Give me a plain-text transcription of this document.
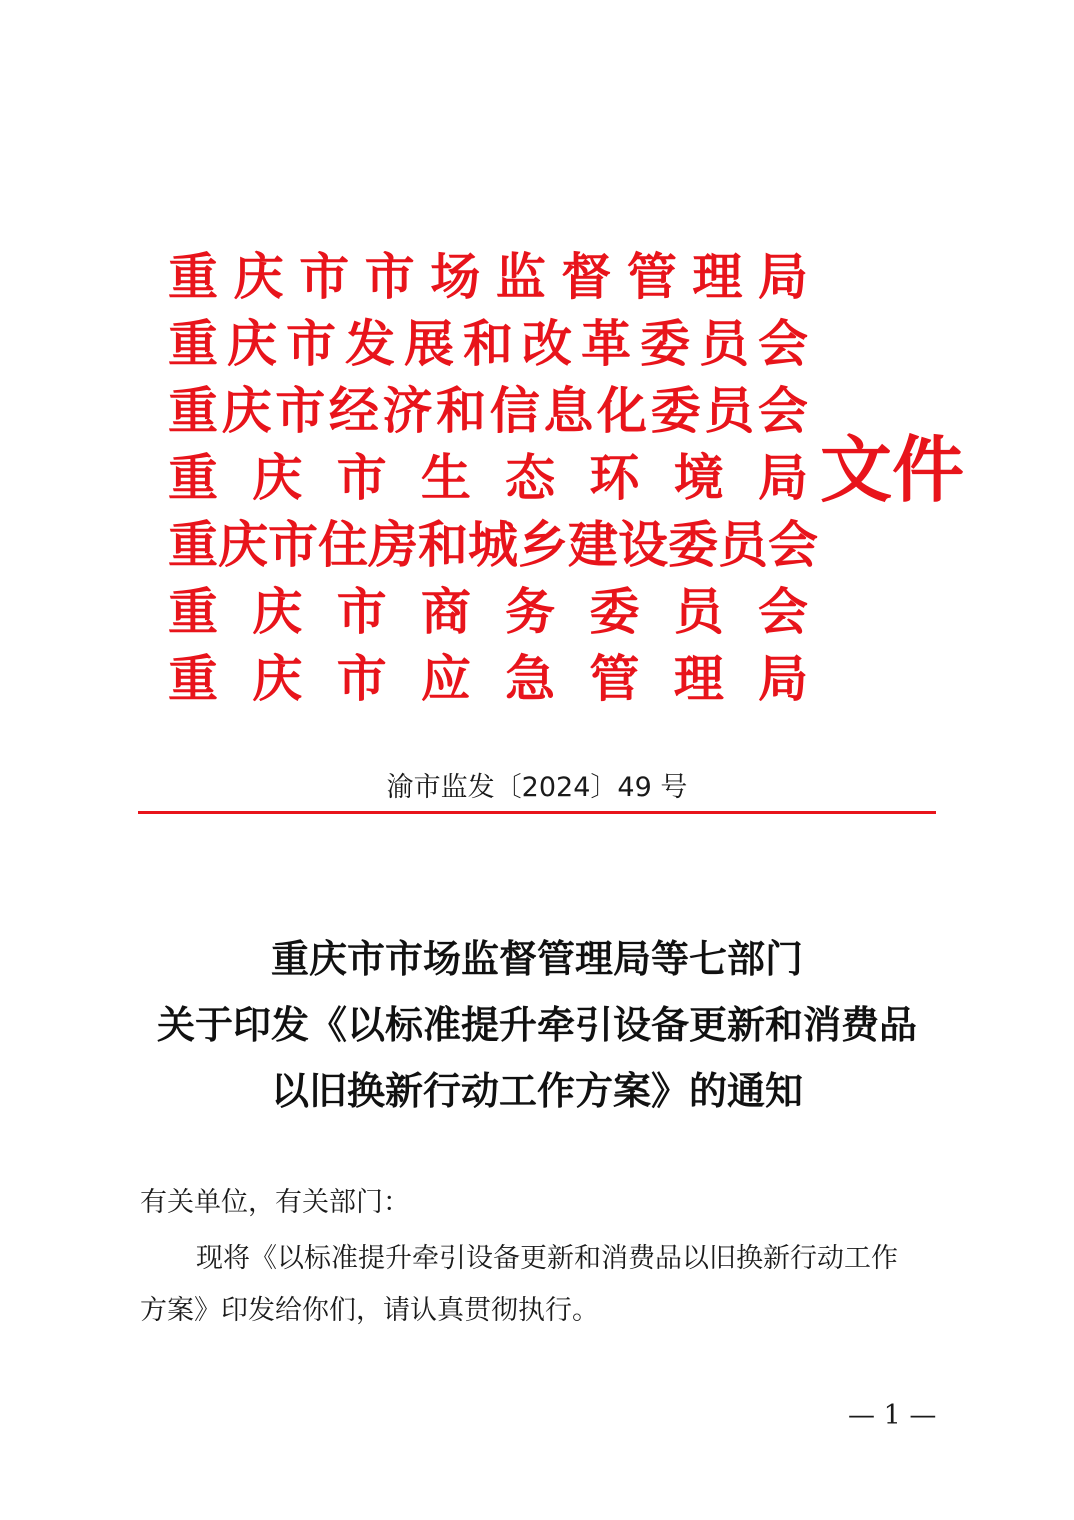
重 庆 市 市 场 监 督 管 理 局
重 庆 市 发 展 和 改 革 委 员 会
重 庆 市 经 济 和 信 息 化 委 员 会
重 庆 市 生 态 环 境 局
重 庆 市 住 房 和 城 乡 建 设 委 员 会
重 庆 市 商 务 委 员 会
重 庆 市 应 急 管 理 局
文件
渝市监发〔2024〕49 号
重庆市市场监督管理局等七部门
关于印发《以标准提升牵引设备更新和消费品
以旧换新行动工作方案》的通知
有关单位，有关部门：
现将《以标准提升牵引设备更新和消费品以旧换新行动工作
方案》印发给你们，请认真贯彻执行。
— 1 —
